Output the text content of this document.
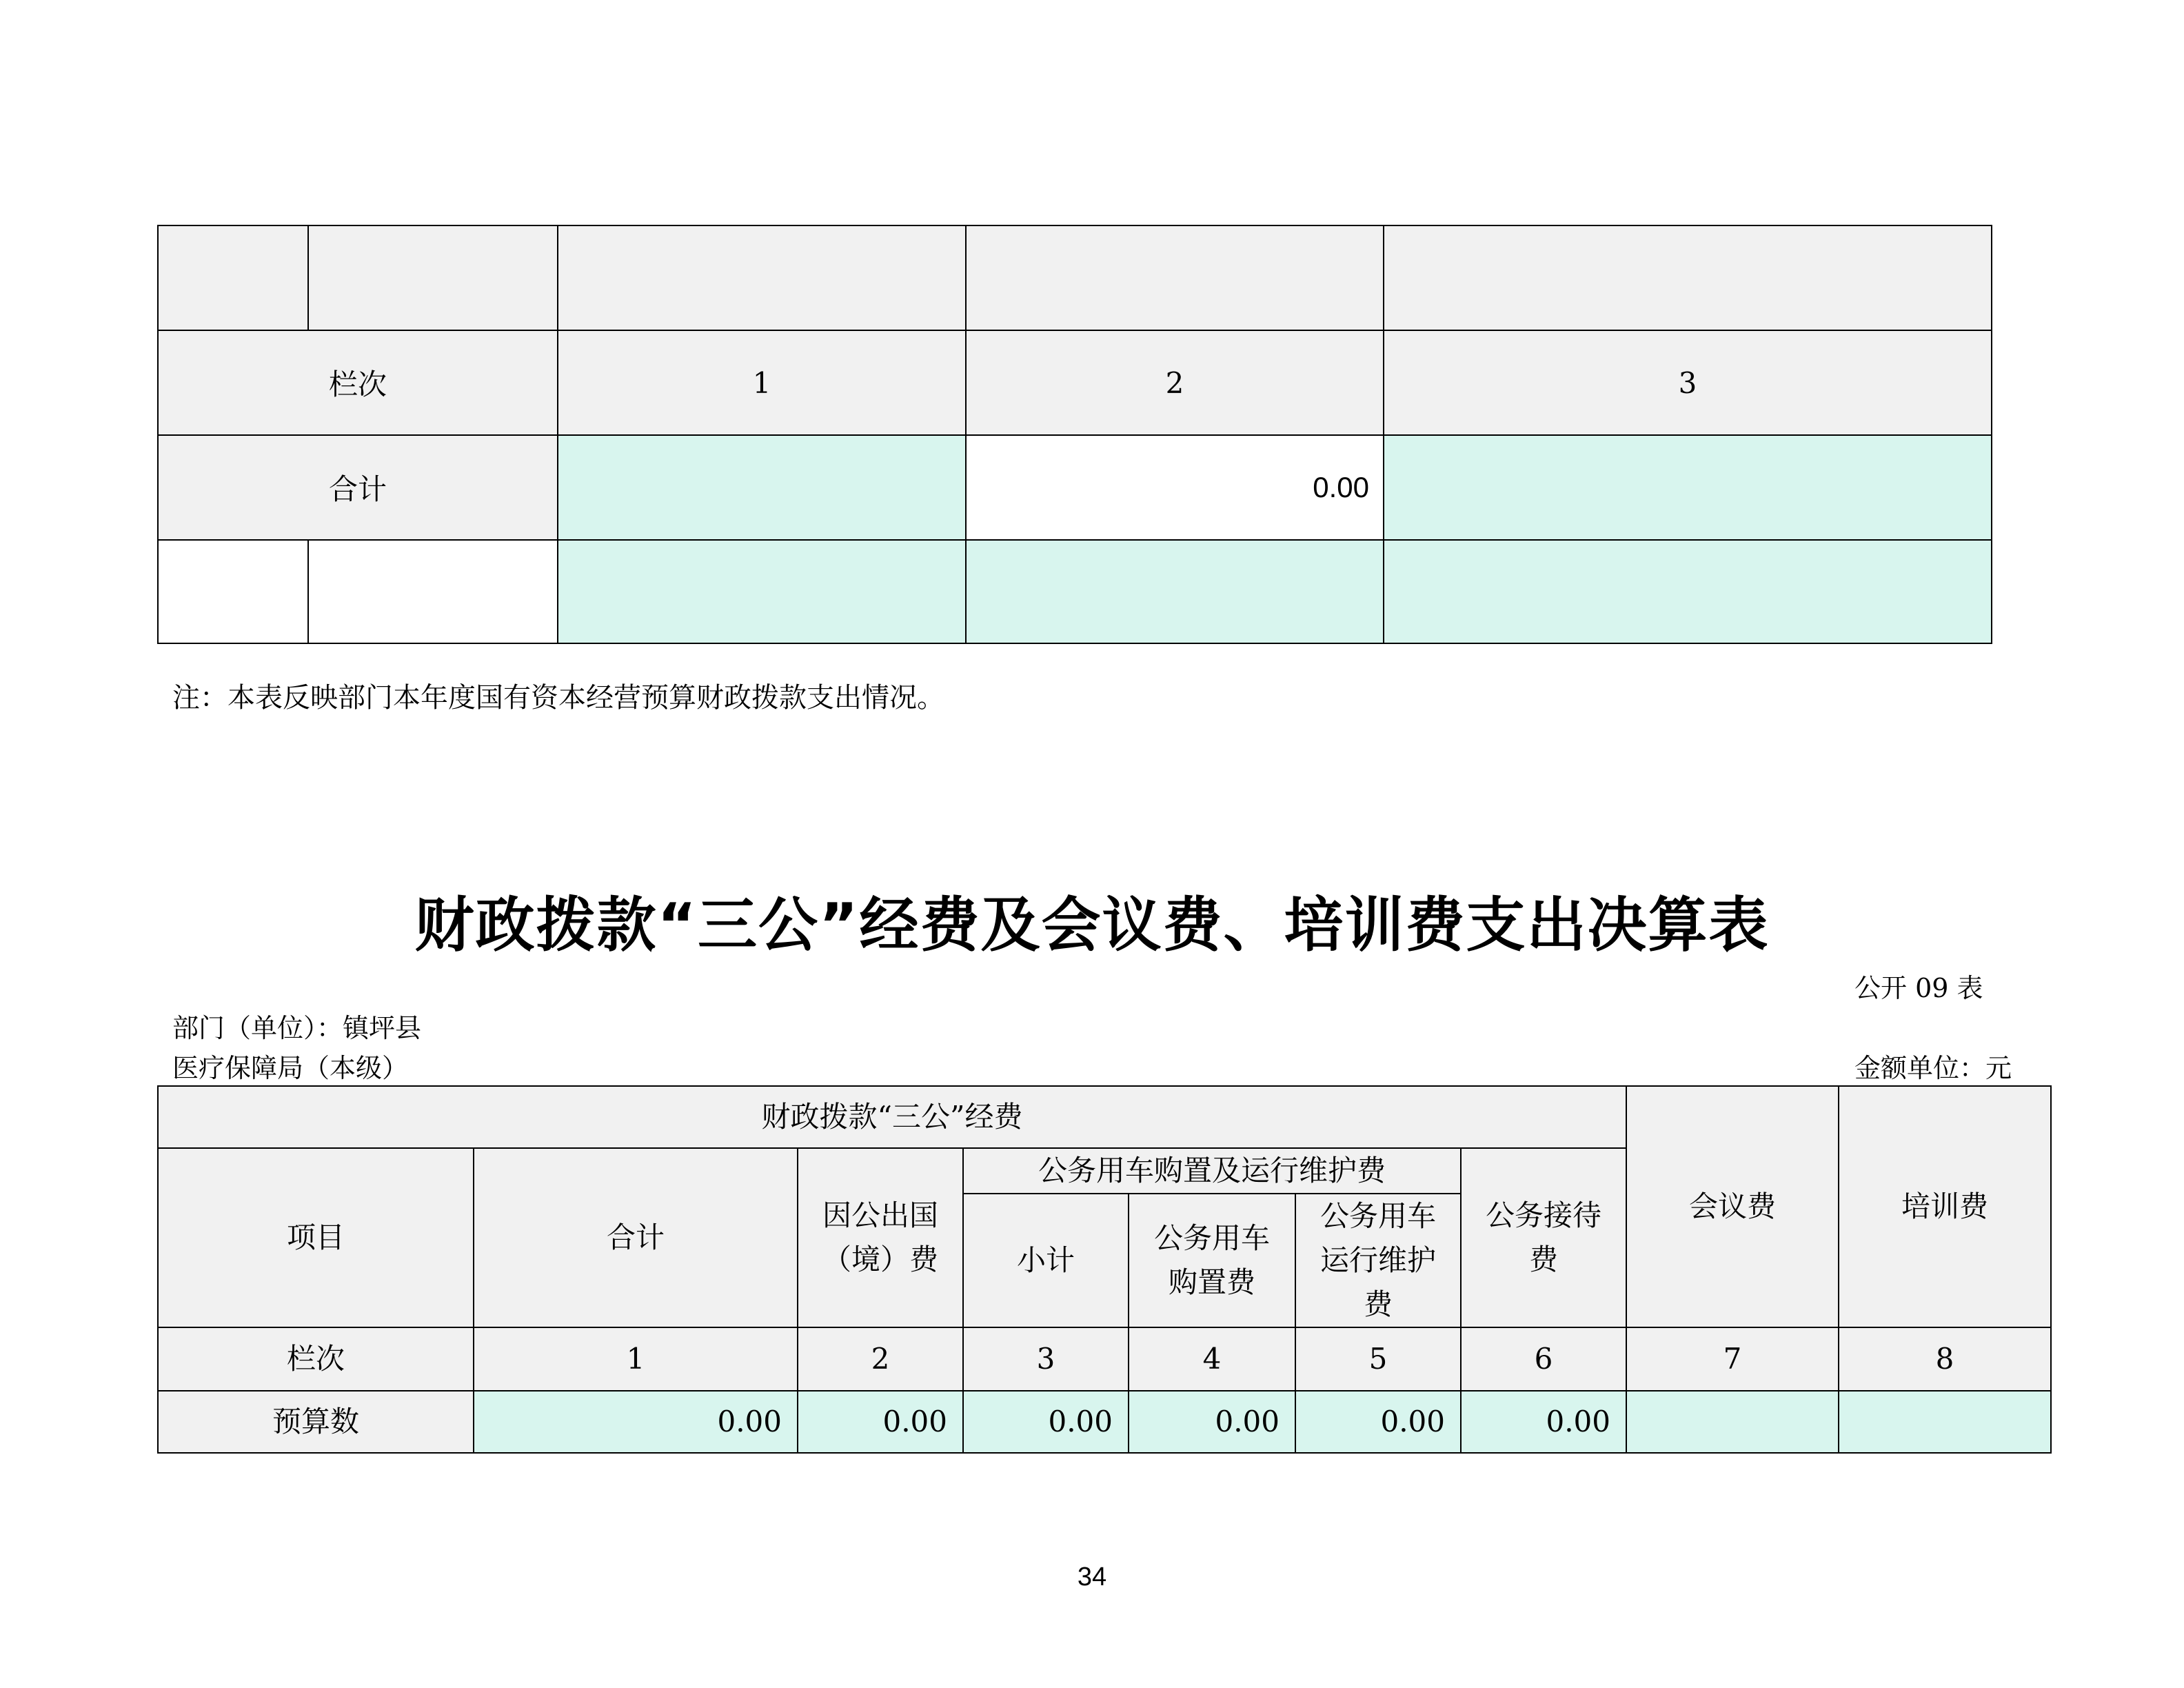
栏次		1	2	3
合计			0.00	

注：本表反映部门本年度国有资本经营预算财政拨款支出情况。
财政拨款“三公”经费及会议费、培训费支出决算表
公开 09 表
部门（单位）：镇坪县
医疗保障局（本级）	金额单位：元
财政拨款“三公”经费							会议费	培训费
项目	合计	因公出国（境）费	公务用车购置及运行维护费			公务接待费		
			小计	公务用车购置费	公务用车运行维护费			
栏次	1	2	3	4	5	6	7	8
预算数	0.00	0.00	0.00	0.00	0.00	0.00		
34
